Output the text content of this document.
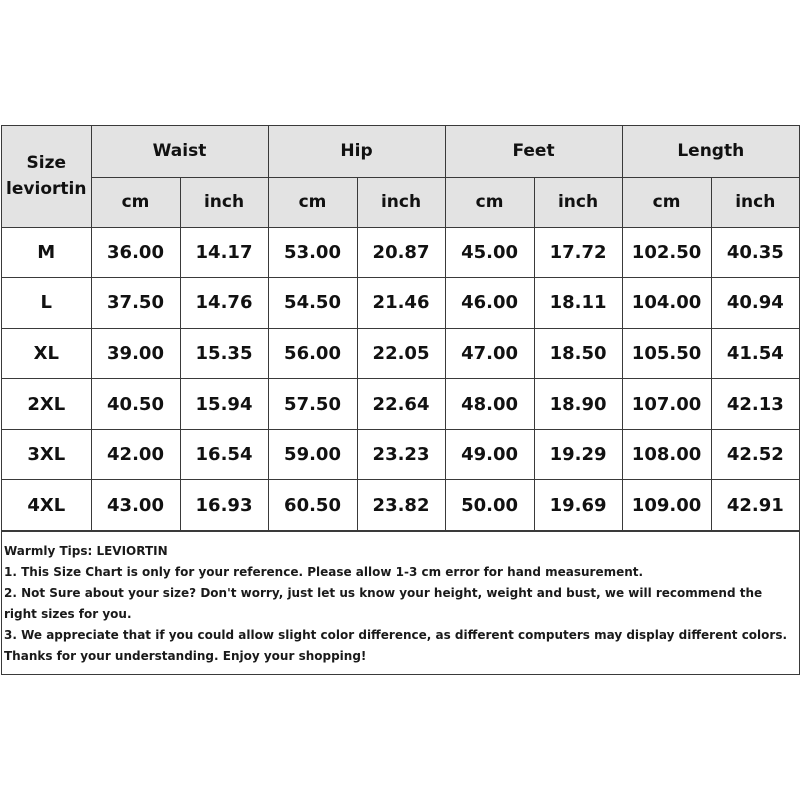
Size
leviortin	Waist		Hip		Feet		Length	
	cm	inch	cm	inch	cm	inch	cm	inch
M	36.00	14.17	53.00	20.87	45.00	17.72	102.50	40.35
L	37.50	14.76	54.50	21.46	46.00	18.11	104.00	40.94
XL	39.00	15.35	56.00	22.05	47.00	18.50	105.50	41.54
2XL	40.50	15.94	57.50	22.64	48.00	18.90	107.00	42.13
3XL	42.00	16.54	59.00	23.23	49.00	19.29	108.00	42.52
4XL	43.00	16.93	60.50	23.82	50.00	19.69	109.00	42.91

Warmly Tips: LEVIORTIN

1. This Size Chart is only for your reference. Please allow 1-3 cm error for hand measurement.

2. Not Sure about your size? Don't worry, just let us know your height, weight and bust, we will recommend the right sizes for you.

3. We appreciate that if you could allow slight color difference, as different computers may display different colors.

Thanks for your understanding. Enjoy your shopping!
